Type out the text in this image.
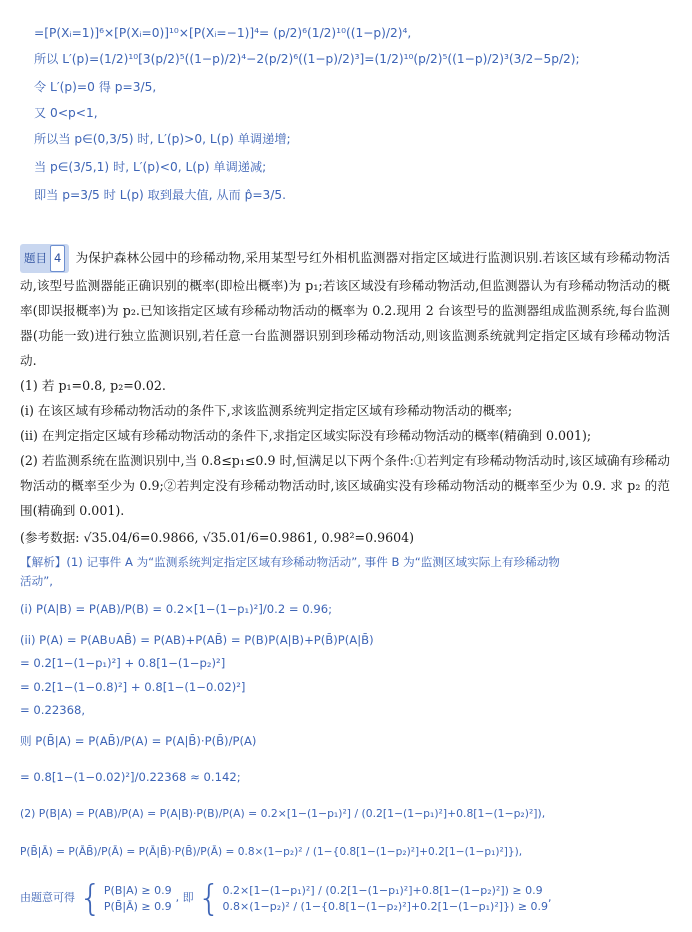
=[P(Xᵢ=1)]⁶×[P(Xᵢ=0)]¹⁰×[P(Xᵢ=−1)]⁴= (p/2)⁶(1/2)¹⁰((1−p)/2)⁴,
所以 L′(p)=(1/2)¹⁰[3(p/2)⁵((1−p)/2)⁴−2(p/2)⁶((1−p)/2)³]=(1/2)¹⁰(p/2)⁵((1−p)/2)³(3/2−5p/2);
令 L′(p)=0 得 p=3/5,
又 0<p<1,
所以当 p∈(0,3/5) 时, L′(p)>0, L(p) 单调递增;
当 p∈(3/5,1) 时, L′(p)<0, L(p) 单调递减;
即当 p=3/5 时 L(p) 取到最大值, 从而 p̂=3/5.

题目 4 为保护森林公园中的珍稀动物,采用某型号红外相机监测器对指定区域进行监测识别.若该区域有珍稀动物活动,该型号监测器能正确识别的概率(即检出概率)为 p₁;若该区域没有珍稀动物活动,但监测器认为有珍稀动物活动的概率(即误报概率)为 p₂.已知该指定区域有珍稀动物活动的概率为 0.2.现用 2 台该型号的监测器组成监测系统,每台监测器(功能一致)进行独立监测识别,若任意一台监测器识别到珍稀动物活动,则该监测系统就判定指定区域有珍稀动物活动.

(1) 若 p₁=0.8, p₂=0.02.

(i) 在该区域有珍稀动物活动的条件下,求该监测系统判定指定区域有珍稀动物活动的概率;

(ii) 在判定指定区域有珍稀动物活动的条件下,求指定区域实际没有珍稀动物活动的概率(精确到 0.001);

(2) 若监测系统在监测识别中,当 0.8≤p₁≤0.9 时,恒满足以下两个条件:①若判定有珍稀动物活动时,该区域确有珍稀动物活动的概率至少为 0.9;②若判定没有珍稀动物活动时,该区域确实没有珍稀动物活动的概率至少为 0.9. 求 p₂ 的范围(精确到 0.001).

(参考数据: √35.04/6=0.9866, √35.01/6=0.9861, 0.98²=0.9604)

【解析】(1) 记事件 A 为“监测系统判定指定区域有珍稀动物活动”, 事件 B 为“监测区域实际上有珍稀动物
活动”,
(i) P(A|B) = P(AB)/P(B) = 0.2×[1−(1−p₁)²]/0.2 = 0.96;
(ii) P(A) = P(AB∪AB̄) = P(AB)+P(AB̄) = P(B)P(A|B)+P(B̄)P(A|B̄)
= 0.2[1−(1−p₁)²] + 0.8[1−(1−p₂)²]
= 0.2[1−(1−0.8)²] + 0.8[1−(1−0.02)²]
= 0.22368,
则 P(B̄|A) = P(AB̄)/P(A) = P(A|B̄)·P(B̄)/P(A)
= 0.8[1−(1−0.02)²]/0.22368 ≈ 0.142;
(2) P(B|A) = P(AB)/P(A) = P(A|B)·P(B)/P(A) = 0.2×[1−(1−p₁)²] / (0.2[1−(1−p₁)²]+0.8[1−(1−p₂)²]),
P(B̄|Ā) = P(ĀB̄)/P(Ā) = P(Ā|B̄)·P(B̄)/P(Ā) = 0.8×(1−p₂)² / (1−{0.8[1−(1−p₂)²]+0.2[1−(1−p₁)²]}),
由题意可得 { P(B|A) ≥ 0.9
P(B̄|Ā) ≥ 0.9
, 即 { 0.2×[1−(1−p₁)²] / (0.2[1−(1−p₁)²]+0.8[1−(1−p₂)²]) ≥ 0.9
0.8×(1−p₂)² / (1−{0.8[1−(1−p₂)²]+0.2[1−(1−p₁)²]}) ≥ 0.9
,
